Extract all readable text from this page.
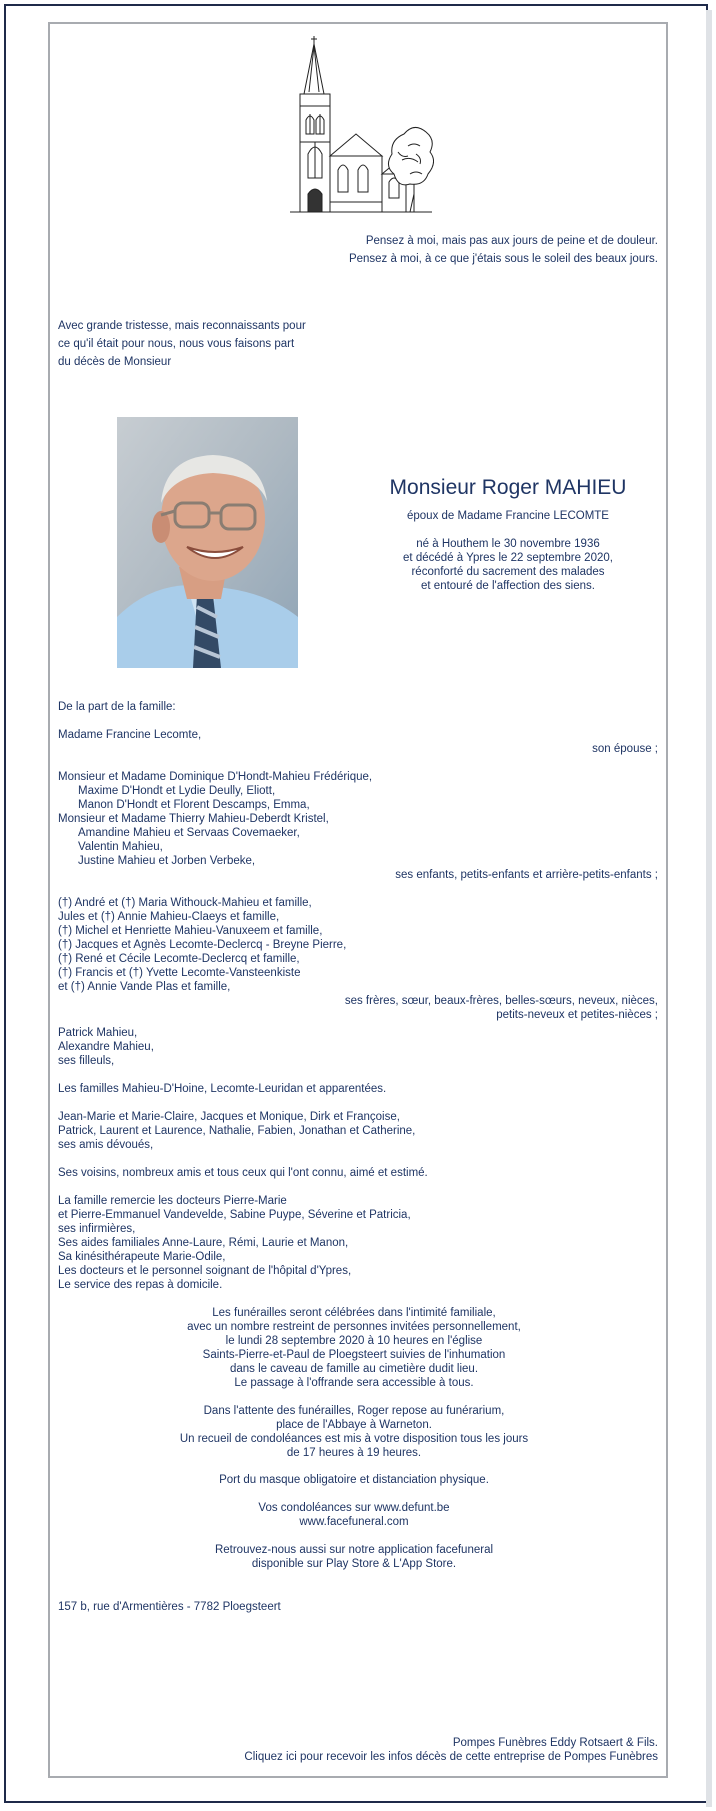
Pensez à moi, mais pas aux jours de peine et de douleur.
Pensez à moi, à ce que j'étais sous le soleil des beaux jours.
Avec grande tristesse, mais reconnaissants pour
ce qu'il était pour nous, nous vous faisons part
du décès de Monsieur
Monsieur Roger MAHIEU
époux de Madame Francine LECOMTE
né à Houthem le 30 novembre 1936
et décédé à Ypres le 22 septembre 2020,
réconforté du sacrement des malades
et entouré de l'affection des siens.
De la part de la famille:
Madame Francine Lecomte,
son épouse ;
Monsieur et Madame Dominique D'Hondt-Mahieu Frédérique,
Maxime D'Hondt et Lydie Deully, Eliott,
Manon D'Hondt et Florent Descamps, Emma,
Monsieur et Madame Thierry Mahieu-Deberdt Kristel,
Amandine Mahieu et Servaas Covemaeker,
Valentin Mahieu,
Justine Mahieu et Jorben Verbeke,
ses enfants, petits-enfants et arrière-petits-enfants ;
(†) André et (†) Maria Withouck-Mahieu et famille,
Jules et (†) Annie Mahieu-Claeys et famille,
(†) Michel et Henriette Mahieu-Vanuxeem et famille,
(†) Jacques et Agnès Lecomte-Declercq - Breyne Pierre,
(†) René et Cécile Lecomte-Declercq et famille,
(†) Francis et (†) Yvette Lecomte-Vansteenkiste
et (†) Annie Vande Plas et famille,
ses frères, sœur, beaux-frères, belles-sœurs, neveux, nièces,
petits-neveux et petites-nièces ;
Patrick Mahieu,
Alexandre Mahieu,
ses filleuls,
Les familles Mahieu-D'Hoine, Lecomte-Leuridan et apparentées.
Jean-Marie et Marie-Claire, Jacques et Monique, Dirk et Françoise,
Patrick, Laurent et Laurence, Nathalie, Fabien, Jonathan et Catherine,
ses amis dévoués,
Ses voisins, nombreux amis et tous ceux qui l'ont connu, aimé et estimé.
La famille remercie les docteurs Pierre-Marie
et Pierre-Emmanuel Vandevelde, Sabine Puype, Séverine et Patricia,
ses infirmières,
Ses aides familiales Anne-Laure, Rémi, Laurie et Manon,
Sa kinésithérapeute Marie-Odile,
Les docteurs et le personnel soignant de l'hôpital d'Ypres,
Le service des repas à domicile.
Les funérailles seront célébrées dans l'intimité familiale,
avec un nombre restreint de personnes invitées personnellement,
le lundi 28 septembre 2020 à 10 heures en l'église
Saints-Pierre-et-Paul de Ploegsteert suivies de l'inhumation
dans le caveau de famille au cimetière dudit lieu.
Le passage à l'offrande sera accessible à tous.
Dans l'attente des funérailles, Roger repose au funérarium,
place de l'Abbaye à Warneton.
Un recueil de condoléances est mis à votre disposition tous les jours
de 17 heures à 19 heures.
Port du masque obligatoire et distanciation physique.
Vos condoléances sur www.defunt.be
www.facefuneral.com
Retrouvez-nous aussi sur notre application facefuneral
disponible sur Play Store & L'App Store.
157 b, rue d'Armentières - 7782 Ploegsteert
Pompes Funèbres Eddy Rotsaert & Fils.
Cliquez ici pour recevoir les infos décès de cette entreprise de Pompes Funèbres
